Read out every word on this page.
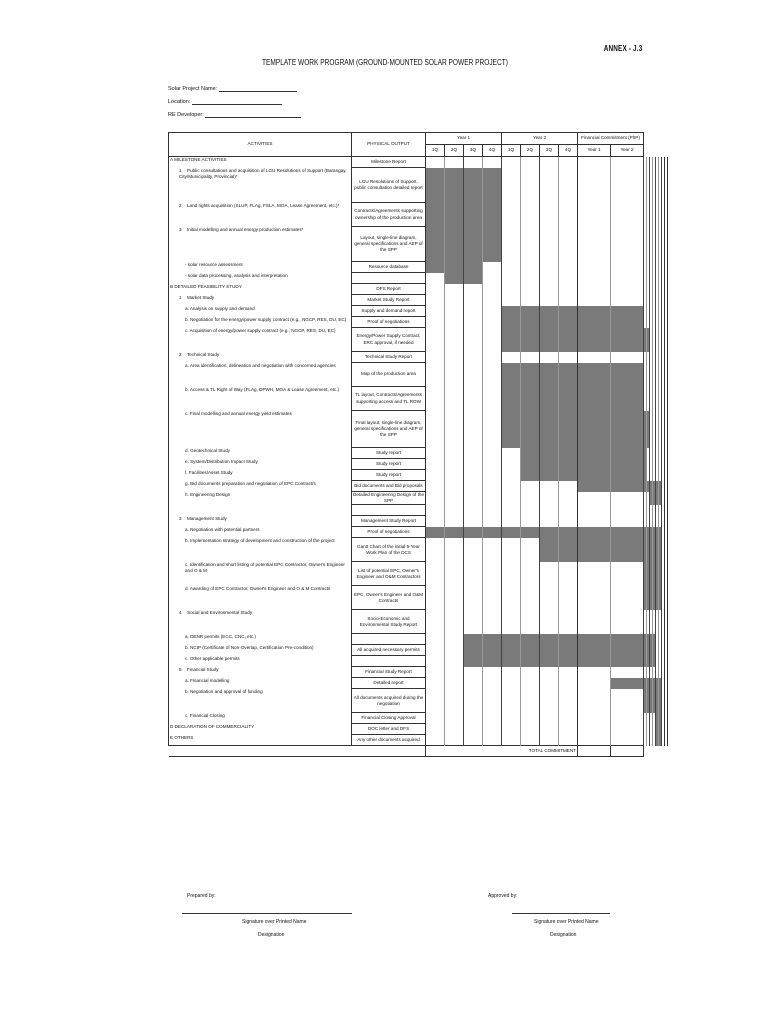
ANNEX - J.3
TEMPLATE WORK PROGRAM (GROUND-MOUNTED SOLAR POWER PROJECT)
Solar Project Name:
Location:
RE Developer:
ACTIVITIES	PHYSICAL OUTPUT	Year 1				Year 2				Financial Commitment (PhP)									
		1Q	2Q	3Q	4Q	1Q	2Q	3Q	4Q	Year 1	Year 2								
A MILESTONE ACTIVITIES	Milestone Report																		
1 Public consultations and acquisition of LGU Resolutions of Support (Barangay, City/Municipality, Provincial)*	LGU Resolutions of Support, public consultation detailed report																		
2 Land rights acquisition (SLUP, FLAg, FSLA, MOA, Lease Agreement, etc.)*	Contracts/Agreements supporting ownership of the production area																		
3 Initial modelling and annual energy production estimates*	Layout, single-line diagram, general specifications and AEP of the SPP																		
- solar resource assessment	Resource database																		
- solar data processing, analysis and interpretation																			
B DETAILED FEASIBILITY STUDY	DFS Report																		
1 Market Study	Market Study Report																		
a. Analysis on supply and demand	Supply and demand report																		
b. Negotiation for the energy/power supply contract (e.g., NGCP, RES, DU, EC)	Proof of negotiations																		
c. Acquisition of energy/power supply contract (e.g., NGCP, RES, DU, EC)	Energy/Power Supply Contract, ERC approval, if needed																		
2 Technical Study	Technical Study Report																		
a. Area identification, delineation and negotiation with concerned agencies	Map of the production area																		
b. Access & TL Right of Way (FLAg, DPWH, MOA & Lease Agreement, etc.)	TL layout, Contracts/Agreements supporting access and TL ROW																		
c. Final modelling and annual energy yield estimates	Final layout, single-line diagram, general specifications and AEP of the SPP																		
d. Geotechnical Study	Study report																		
e. System/Distribution Impact Study	Study report																		
f. Facilities/Asset Study	Study report																		
g. Bid documents preparation and negotiation of EPC Contract/s	Bid documents and Bid proposals																		
h. Engineering Design	Detailed Engineering Design of the SPP																		

3 Management Study	Management Study Report																		
a. Negotiation with potential partners	Proof of negotiations																		
b. Implementation strategy of development and construction of the project	Gantt Chart of the initial 5-Year Work Plan of the DCS																		
c. Identification and short listing of potential EPC Contractor, Owner's Engineer and O & M	List of potential EPC, Owner's Engineer and O&M Contractors																		
d. Awarding of EPC Contractor, Owner's Engineer and O & M Contracts	EPC, Owner's Engineer and O&M Contracts																		
4 Social and Environmental Study	Socio-Economic and Environmental Study Report																		
a. DENR permits (ECC, CNC, etc.)																			
b. NCIP (Certificate of Non-Overlap, Certification Pre-condition)	All acquired necessary permits																		
c. Other applicable permits																			
5 Financial Study	Financial Study Report																		
a. Financial modelling	Detailed report																		
b. Negotiation and approval of funding	All documents acquired during the negotiation																		
c. Financial Closing	Financial Closing Approval																		
D DECLARATION OF COMMERCIALITY	DOC letter and DFS																		
E OTHERS	Any other documents acquired																		
		TOTAL COMMITMENT																	
Prepared by:
Signature over Printed Name
Designation
Approved by:
Signature over Printed Name
Designation
